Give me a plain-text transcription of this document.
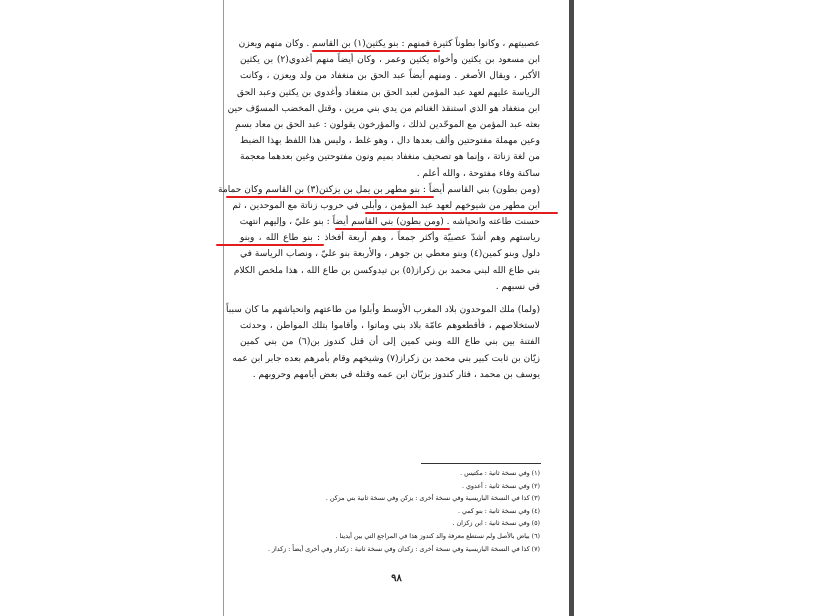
عصبيتهم ، وكانوا بطوناً كثيرة فمنهم : بنو يكثين(١) بن القاسم . وكان منهم ويعزن
ابن مسعود بن يكثين وأخواه يكثين وعمر ، وكان أيضاً منهم أغدوي(٢) بن يكثين
الأكبر ، ويقال الأصغر . ومنهم أيضاً عبد الحق بن منغفاد من ولد ويعزن ، وكانت
الرياسة عليهم لعهد عبد المؤمن لعبد الحق بن منغفاد وأغدوي بن يكثين وعبد الحق
ابن منغفاد هو الذي استنقذ الغنائم من يدي بني مرين ، وقتل المخضب المسوّف حين
بعثه عبد المؤمن مع الموحّدين لذلك ، والمؤرخون يقولون : عبد الحق بن معاد بسمِ
وعين مهملة مفتوحتين وألف بعدها دال ، وهو غلط ، وليس هذا اللفظ بهذا الضبط
من لغة زناتة ، وإنما هو تصحيف منغفاد بميم ونون مفتوحتين وغين بعدهما معجمة
ساكنة وفاء مفتوحة ، والله أعلم .
(ومن بطون) بني القاسم أيضاً : بنو مطهر بن يمل بن يزكتن(٣) بن القاسم وكان حمامة
ابن مطهر من شيوخهم لعهد عبد المؤمن ، وأبلى في حروب زناتة مع الموحدين ، ثم
حسنت طاعته وانحياشه . (ومن بطون) بني القاسم أيضاً : بنو عليّ ، وإليهم انتهت
رياستهم وهم أشدّ عصبيّة وأكثر جمعاً ، وهم أربعة أفخاذ : بنو طاع الله ، وبنو
دلول وبنو كمين(٤) وبنو معطي بن جوهر ، والأربعة بنو عليّ ، ونصاب الرياسة في
بني طاع الله لبني محمد بن زكراز(٥) بن تيدوكسن بن طاع الله ، هذا ملخص الكلام
في نسبهم .
(ولما) ملك الموحدون بلاد المغرب الأوسط وأبلوا من طاعتهم وانحياشهم ما كان سبباً
لاستخلاصهم ، فأقطعوهم عامّة بلاد بني وماتوا ، وأقاموا بتلك المواطن ، وحدثت
الفتنة بين بني طاع الله وبني كمين إلى أن قتل كندوز بن(٦) من بني كمين
زيّان بن ثابت كبير بني محمد بن زكراز(٧) وشيخهم وقام بأمرهم بعده جابر ابن عمه
يوسف بن محمد ، فثار كندوز بزيّان ابن عمه وقتله في بعض أيامهم وحروبهم .
(١) وفي نسخة ثانية : مكتيس .
(٢) وفي نسخة ثانية : أعدوي .
(٣) كذا في النسخة الباريسية وفي نسخة أخرى : يزكن وفي نسخة ثانية بني مزكن .
(٤) وفي نسخة ثانية : بنو كمي .
(٥) وفي نسخة ثانية : ابن زكزان .
(٦) بياض بالأصل ولم نستطع معرفة والد كندوز هذا في المراجع التي بين أيدينا .
(٧) كذا في النسخة الباريسية وفي نسخة أخرى : زكدان وفي نسخة ثانية : زكدار وفي أخرى أيضاً : زكداز .
٩٨
